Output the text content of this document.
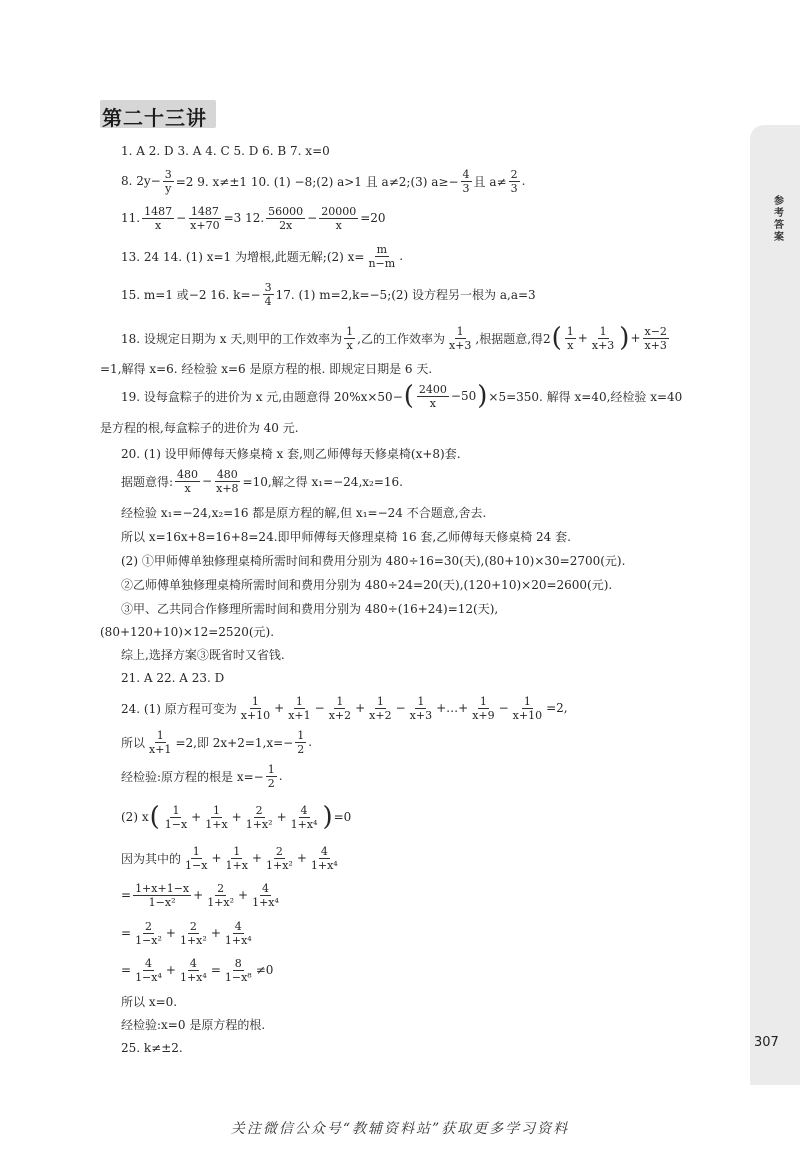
参考答案
第二十三讲
1. A 2. D 3. A 4. C 5. D 6. B 7. x=0
8. $2y- \frac{3}{y} =2$ 9. x≠±1 10. (1) −8;(2) a>1 且 a≠2;(3) $a\ge- \frac{4}{3}$ 且 $a\ne \frac{2}{3}$ .
11. $\frac{1487}{x} - \frac{1487}{x+70} =3$ 12. $\frac{56000}{2x} - \frac{20000}{x} =20$
13. 24 14. (1) x=1 为增根,此题无解;(2) $x= \frac{m}{n-m}$ .
15. m=1 或−2 16. $k=- \frac{3}{4} 17$. (1) m=2,k=−5;(2) 设方程另一根为 a,a=3
18. 设规定日期为 x 天,则甲的工作效率为 $\frac{1}{x}$ ,乙的工作效率为 $\frac{1}{x+3}$ ,根据题意,得2 ( $\frac{1}{x} + \frac{1}{x+3}$ ) + $\frac{x-2}{x+3}$
=1,解得 x=6. 经检验 x=6 是原方程的根. 即规定日期是 6 天.
19. 设每盒粽子的进价为 x 元,由题意得 20%x×50− ( $\frac{2400}{x} -50$ ) ×5=350. 解得 x=40,经检验 x=40
是方程的根,每盒粽子的进价为 40 元.
20. (1) 设甲师傅每天修桌椅 x 套,则乙师傅每天修桌椅(x+8)套.
据题意得: $\frac{480}{x} - \frac{480}{x+8} =10$,解之得 x₁=−24,x₂=16.
经检验 x₁=−24,x₂=16 都是原方程的解,但 x₁=−24 不合题意,舍去.
所以 x=16x+8=16+8=24.即甲师傅每天修理桌椅 16 套,乙师傅每天修桌椅 24 套.
(2) ①甲师傅单独修理桌椅所需时间和费用分别为 480÷16=30(天),(80+10)×30=2700(元).
②乙师傅单独修理桌椅所需时间和费用分别为 480÷24=20(天),(120+10)×20=2600(元).
③甲、乙共同合作修理所需时间和费用分别为 480÷(16+24)=12(天),
(80+120+10)×12=2520(元).
综上,选择方案③既省时又省钱.
21. A 22. A 23. D
24. (1) 原方程可变为 $\frac{1}{x+10} + \frac{1}{x+1} - \frac{1}{x+2} + \frac{1}{x+2} - \frac{1}{x+3}$ +…+ $\frac{1}{x+9} - \frac{1}{x+10} =2$,
所以 $\frac{1}{x+1} =2$,即 $2x+2=1,x=- \frac{1}{2}$ .
经检验:原方程的根是 $x=- \frac{1}{2}$ .
(2) x ( $\frac{1}{1-x} + \frac{1}{1+x} + \frac{2}{\text{1+x²}} + \frac{4}{\text{1+x⁴}}$ ) =0
因为其中的 $\frac{1}{1-x} + \frac{1}{1+x} + \frac{2}{\text{1+x²}} + \frac{4}{\text{1+x⁴}}$
= $\frac{1+x+1-x}{\text{1−x²}} + \frac{2}{\text{1+x²}} + \frac{4}{\text{1+x⁴}}$
= $\frac{2}{\text{1−x²}} + \frac{2}{\text{1+x²}} + \frac{4}{\text{1+x⁴}}$
= $\frac{4}{\text{1−x⁴}} + \frac{4}{\text{1+x⁴}} = \frac{8}{\text{1−x⁸}} \ne 0$
所以 x=0.
经检验:x=0 是原方程的根.
25. k≠±2.	307
关注微信公众号“教辅资料站”获取更多学习资料
